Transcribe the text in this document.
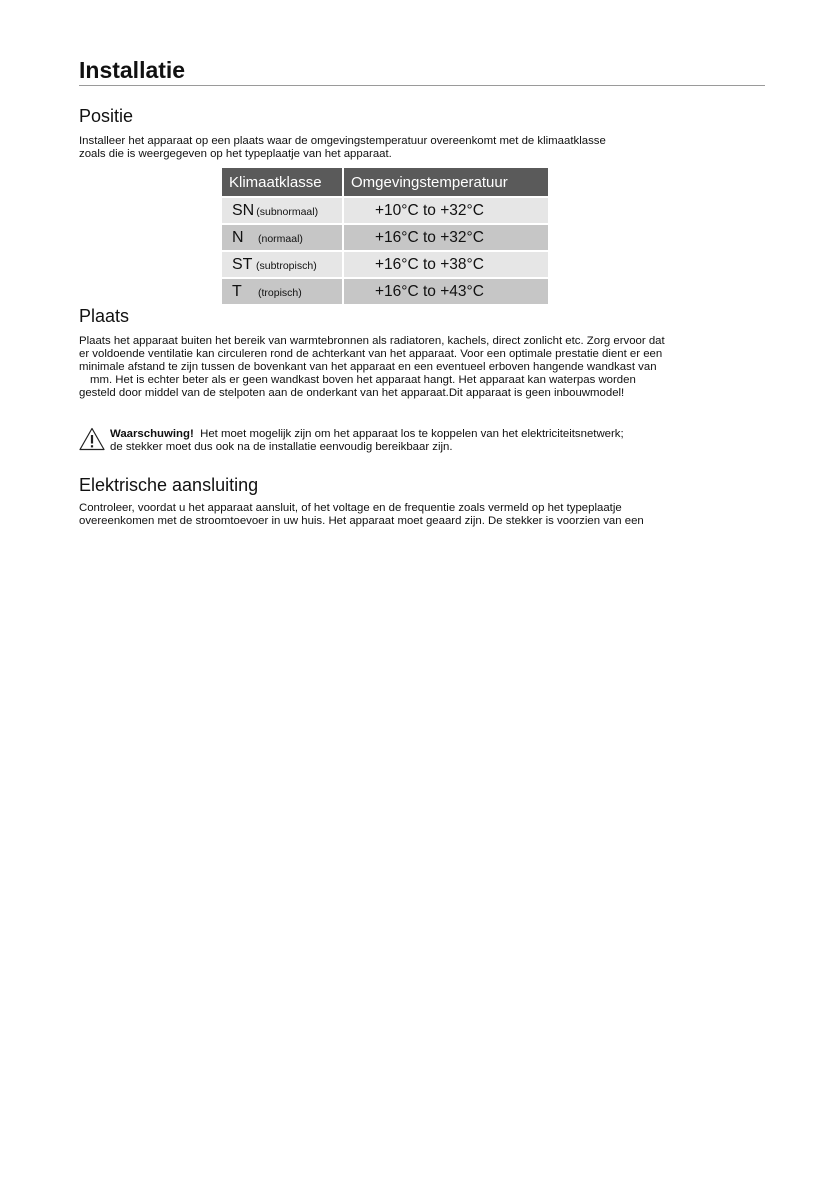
Installatie
Positie

Installeer het apparaat op een plaats waar de omgevingstemperatuur overeenkomt met de klimaatklasse
zoals die is weergegeven op het typeplaatje van het apparaat.

Klimaatklasse	Omgevingstemperatuur
SN (subnormaal)	+10°C to +32°C
N (normaal)	+16°C to +32°C
ST (subtropisch)	+16°C to +38°C
T (tropisch)	+16°C to +43°C
Plaats

Plaats het apparaat buiten het bereik van warmtebronnen als radiatoren, kachels, direct zonlicht etc. Zorg ervoor dat
er voldoende ventilatie kan circuleren rond de achterkant van het apparaat. Voor een optimale prestatie dient er een
minimale afstand te zijn tussen de bovenkant van het apparaat en een eventueel erboven hangende wandkast van
mm. Het is echter beter als er geen wandkast boven het apparaat hangt. Het apparaat kan waterpas worden
gesteld door middel van de stelpoten aan de onderkant van het apparaat.Dit apparaat is geen inbouwmodel!

Waarschuwing! Het moet mogelijk zijn om het apparaat los te koppelen van het elektriciteitsnetwerk;
de stekker moet dus ook na de installatie eenvoudig bereikbaar zijn.
Elektrische aansluiting

Controleer, voordat u het apparaat aansluit, of het voltage en de frequentie zoals vermeld op het typeplaatje
overeenkomen met de stroomtoevoer in uw huis. Het apparaat moet geaard zijn. De stekker is voorzien van een
